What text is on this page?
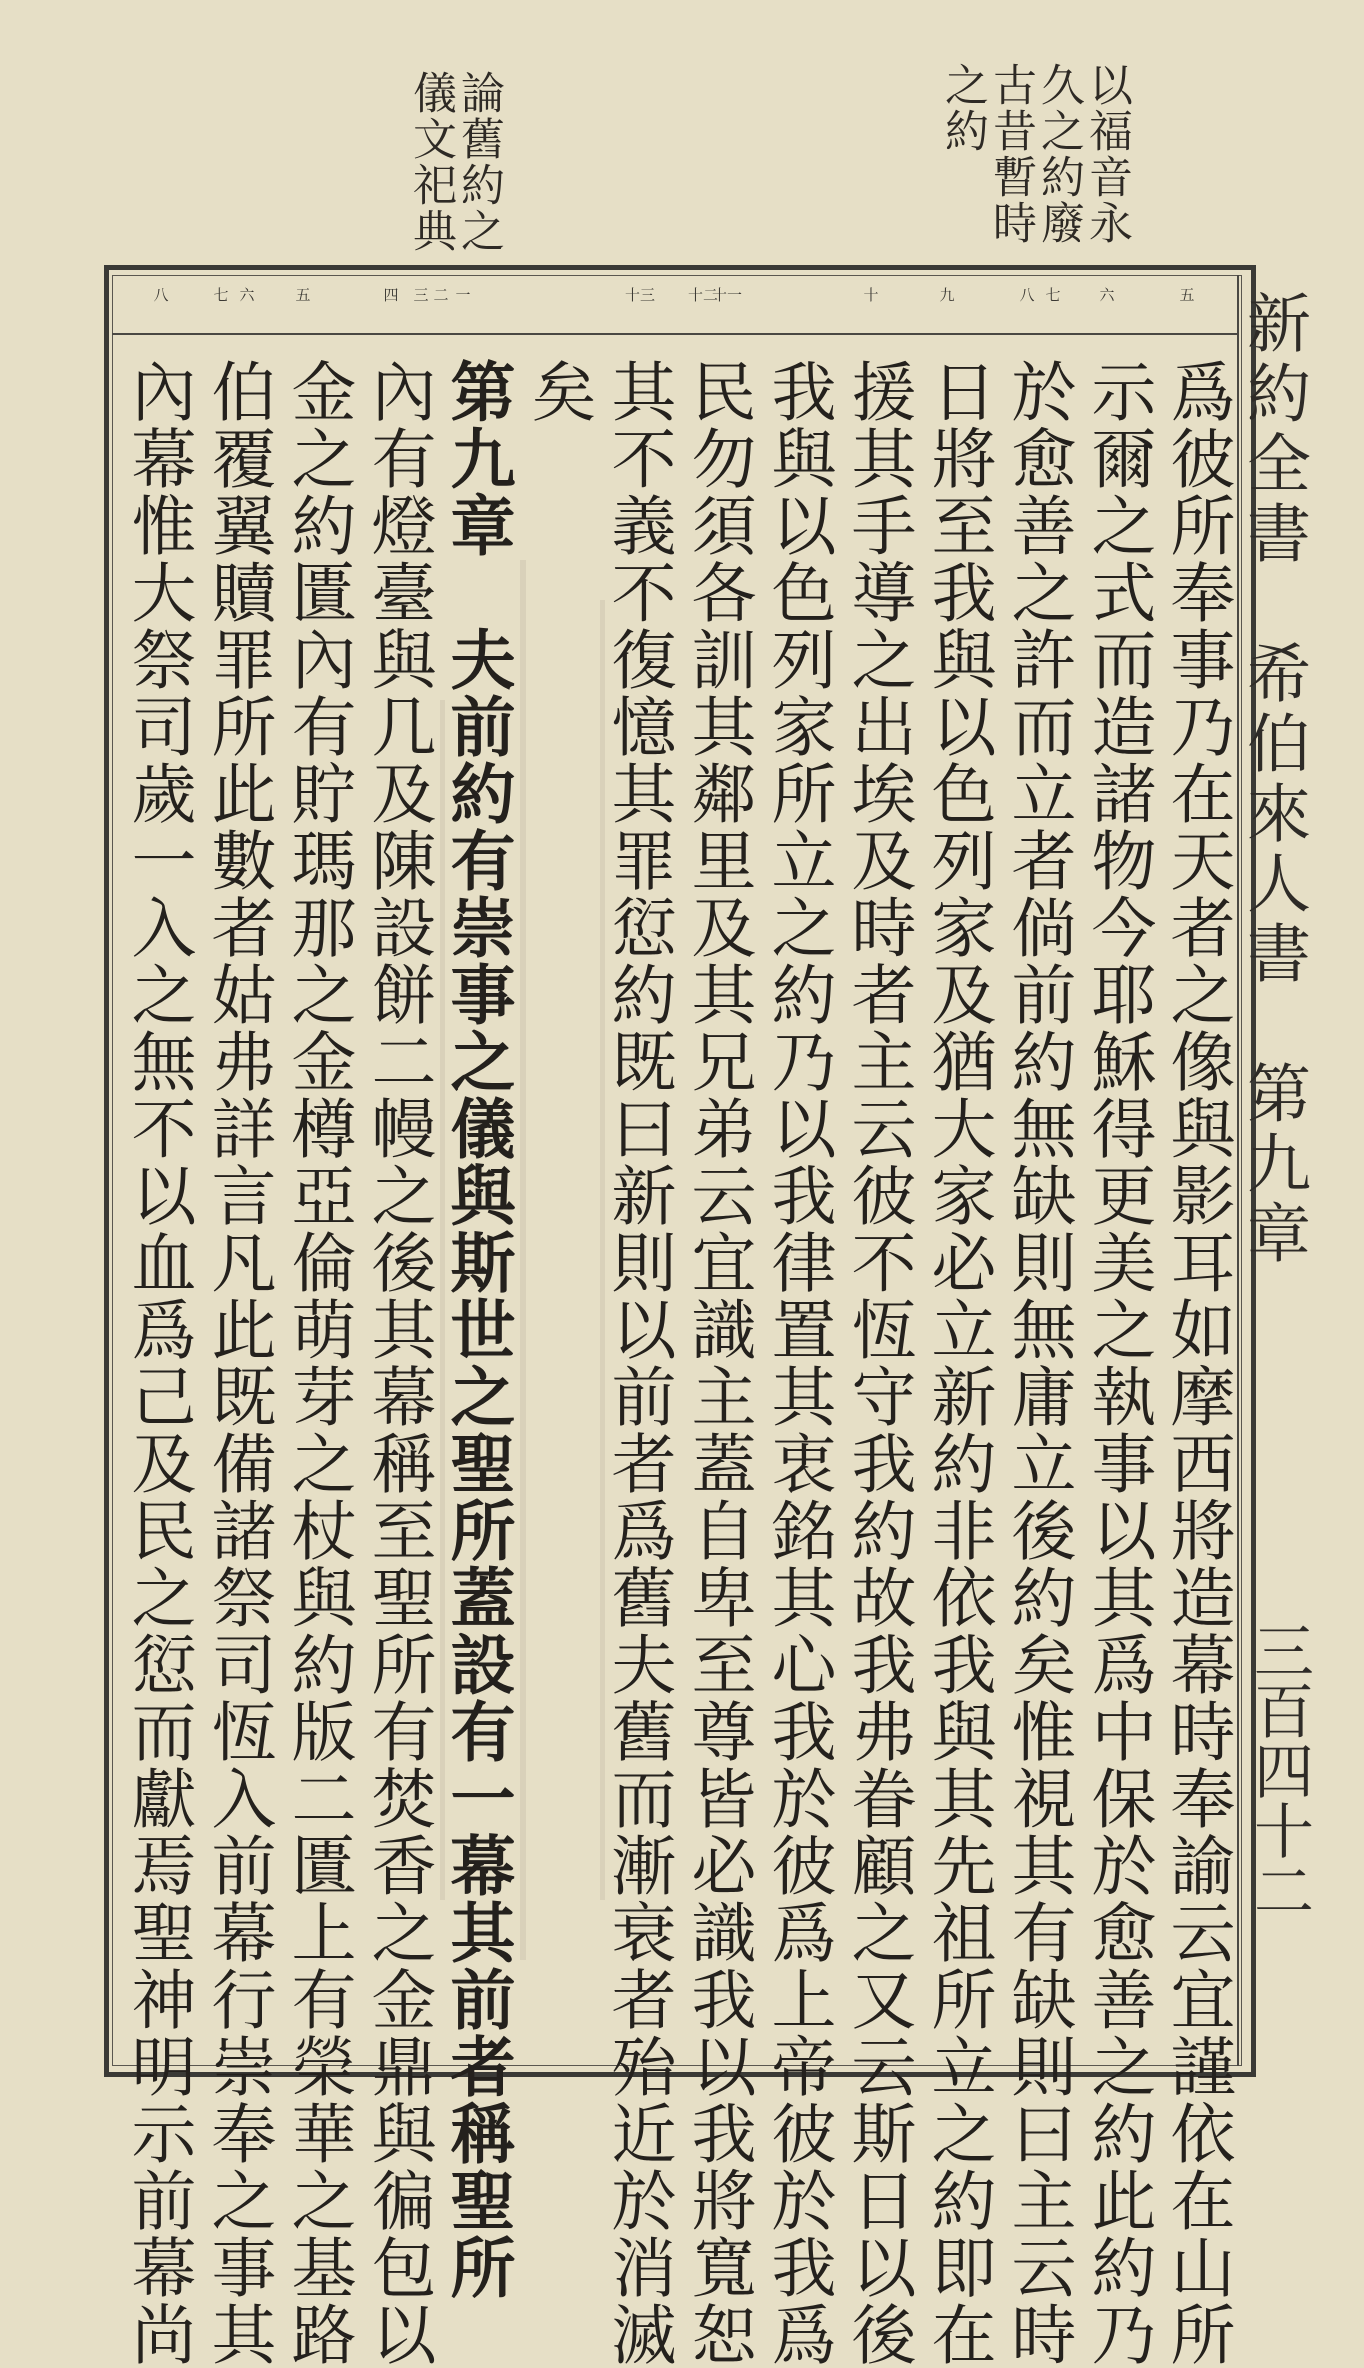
以福音永
久之約廢
古昔暫時
之約
論舊約之
儀文祀典
五
六
七
八
九
十
十一
十二
十三
一
二
三
四
五
六
七
八	新約全書　希伯來人書　第九章
三百四十二
爲彼所奉事乃在天者之像與影耳如摩西將造幕時奉諭云宜謹依在山所
示爾之式而造諸物今耶穌得更美之執事以其爲中保於愈善之約此約乃
於愈善之許而立者倘前約無缺則無庸立後約矣惟視其有缺則曰主云時
日將至我與以色列家及猶大家必立新約非依我與其先祖所立之約即在
援其手導之出埃及時者主云彼不恆守我約故我弗眷顧之又云斯日以後
我與以色列家所立之約乃以我律置其衷銘其心我於彼爲上帝彼於我爲
民勿須各訓其鄰里及其兄弟云宜識主蓋自卑至尊皆必識我以我將寬恕
其不義不復憶其罪愆約既曰新則以前者爲舊夫舊而漸衰者殆近於消滅
矣
第九章　夫前約有崇事之儀與斯世之聖所蓋設有一幕其前者稱聖所
內有燈臺與几及陳設餅二幔之後其幕稱至聖所有焚香之金鼎與徧包以
金之約匱內有貯瑪那之金樽亞倫萌芽之杖與約版二匱上有榮華之基路
伯覆翼贖罪所此數者姑弗詳言凡此既備諸祭司恆入前幕行崇奉之事其
內幕惟大祭司歲一入之無不以血爲己及民之愆而獻焉聖神明示前幕尚
